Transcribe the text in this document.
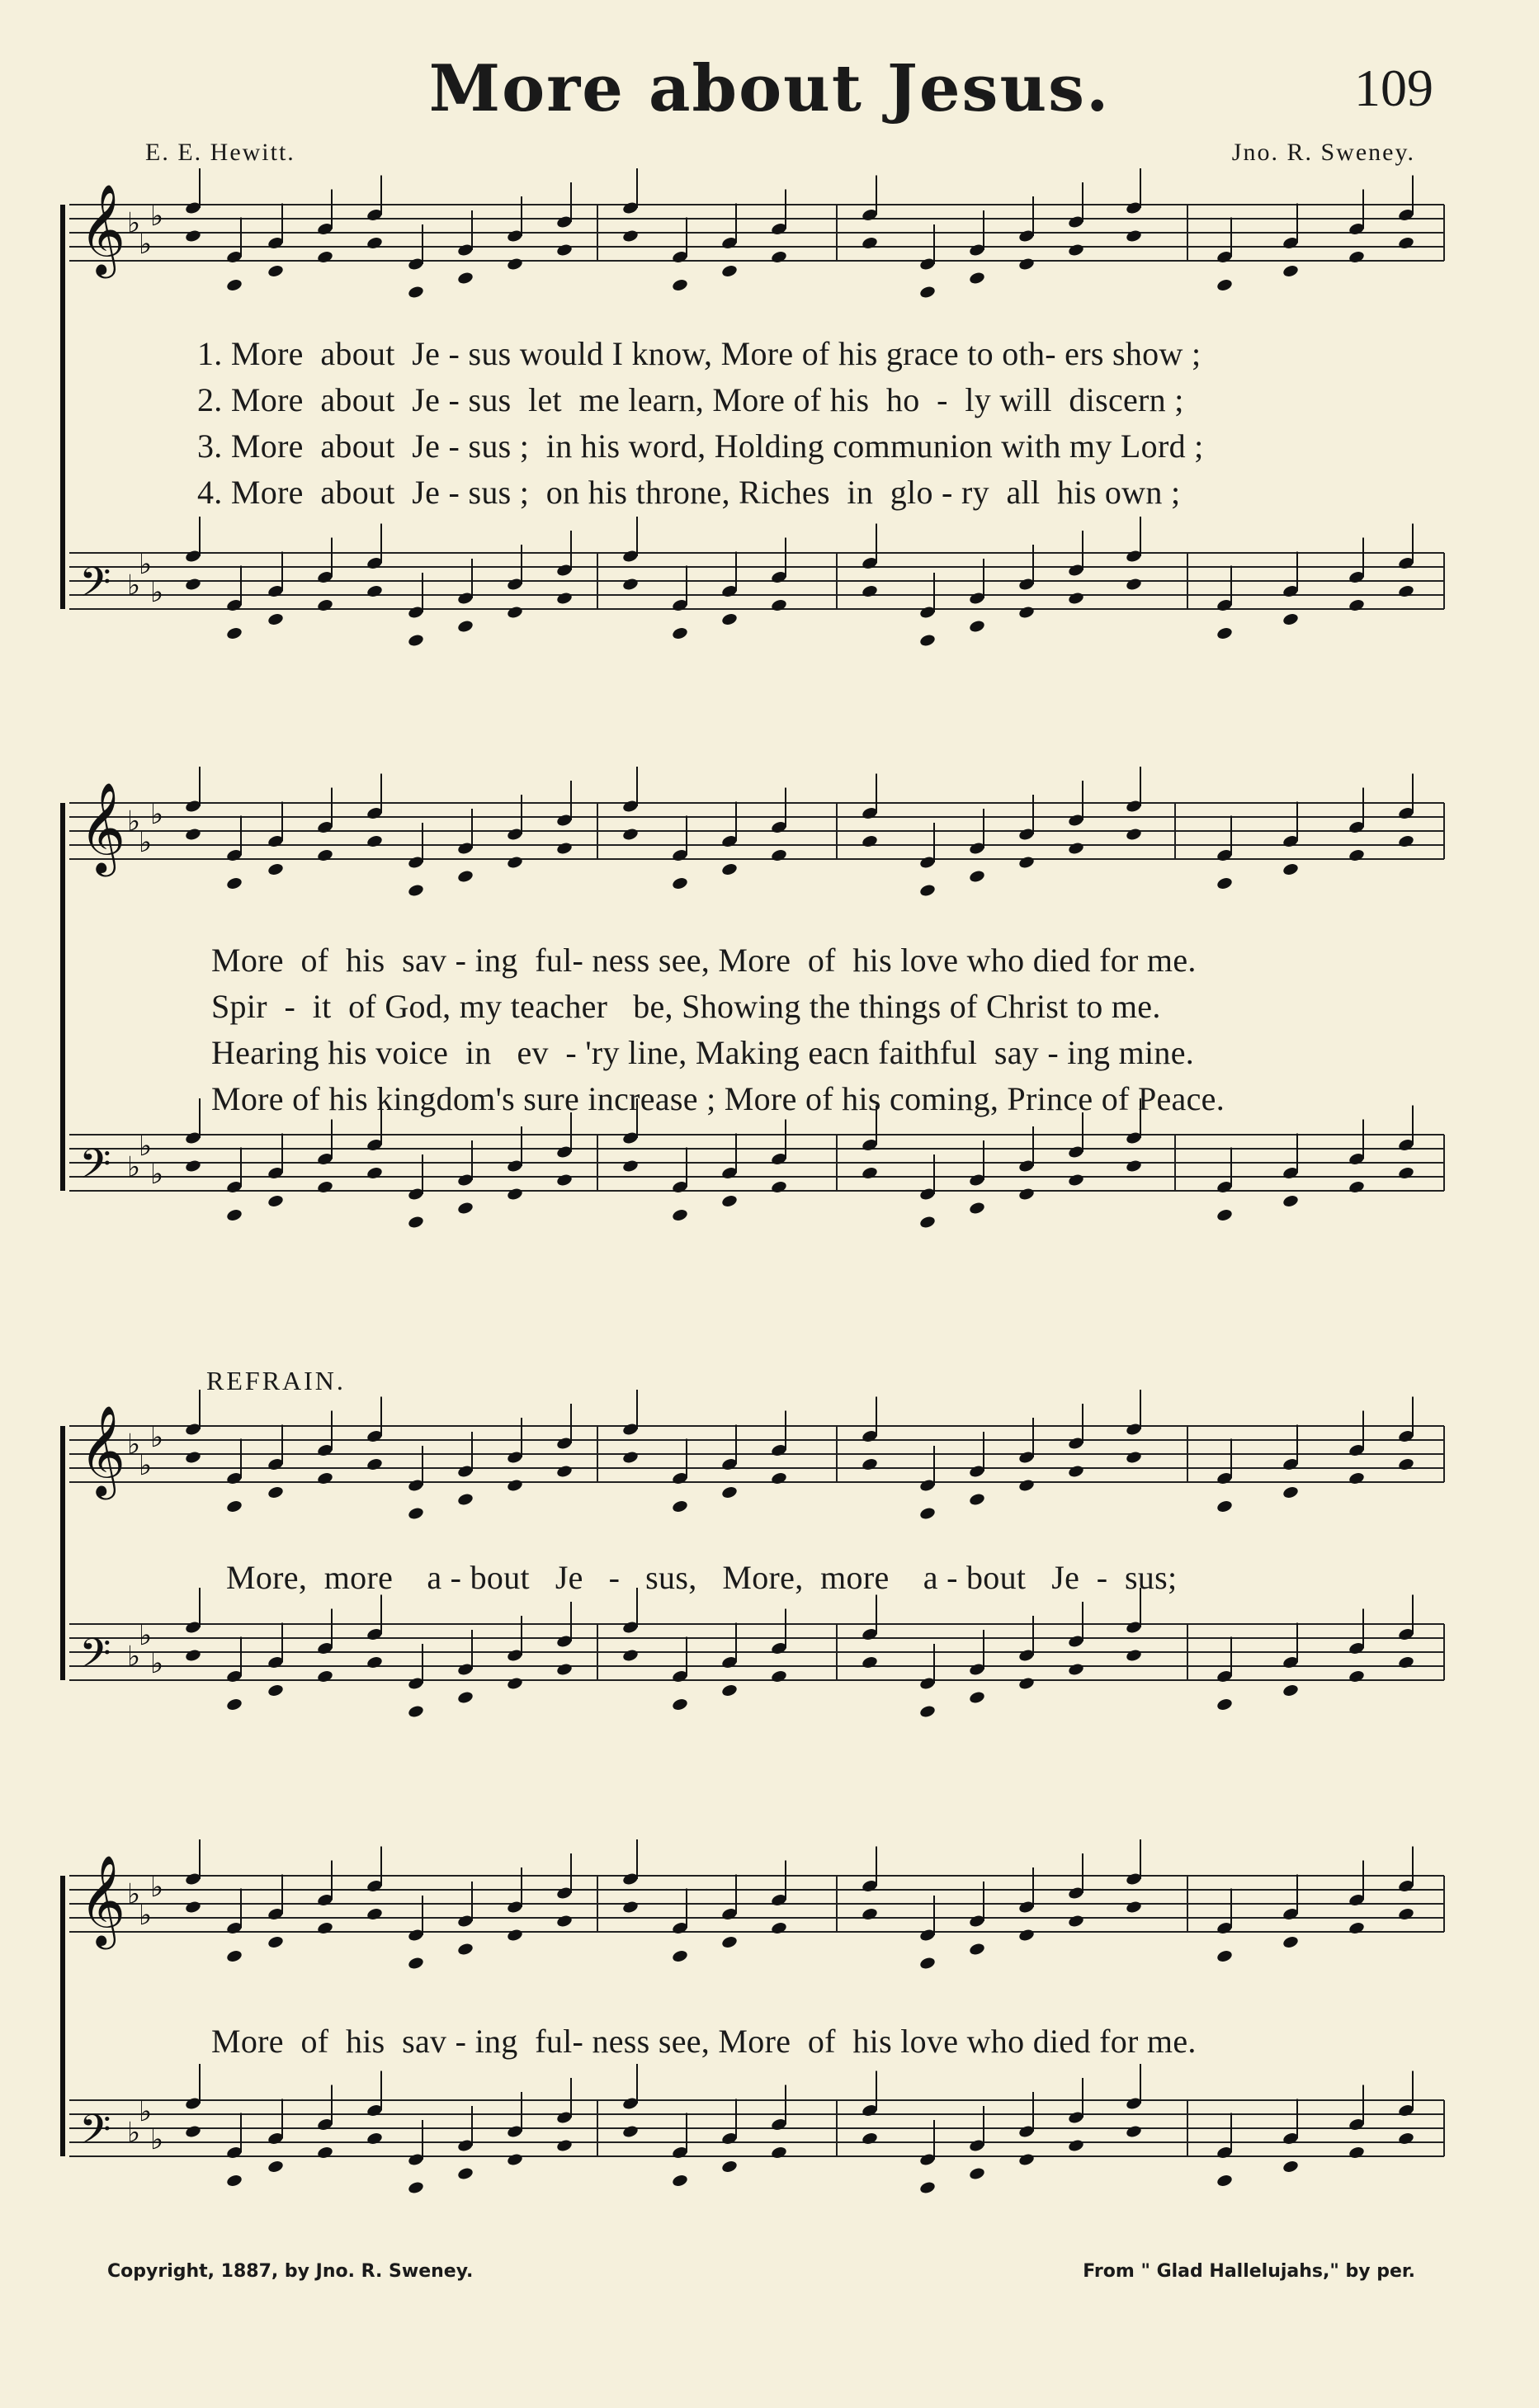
More about Jesus.	109
E. E. Hewitt.	Jno. R. Sweney.
𝄞 ♭
♭
♭
𝄢 ♭
♭
♭
1. More  about  Je - sus would I know, More of his grace to oth- ers show ;
2. More  about  Je - sus  let  me learn, More of his  ho  -  ly will  discern ;
3. More  about  Je - sus ;  in his word, Holding communion with my Lord ;
4. More  about  Je - sus ;  on his throne, Riches  in  glo - ry  all  his own ;
𝄞 ♭
♭
♭
𝄢 ♭
♭
♭
More  of  his  sav - ing  ful- ness see, More  of  his love who died for me.
Spir  -  it  of God, my teacher   be, Showing the things of Christ to me.
Hearing his voice  in   ev  - 'ry line, Making eacn faithful  say - ing mine.
More of his kingdom's sure increase ; More of his coming, Prince of Peace.
REFRAIN.
𝄞 ♭
♭
♭
𝄢 ♭
♭
♭
More,  more    a - bout   Je   -   sus,   More,  more    a - bout   Je  -  sus;
𝄞 ♭
♭
♭
𝄢 ♭
♭
♭
More  of  his  sav - ing  ful- ness see, More  of  his love who died for me.
Copyright, 1887, by Jno. R. Sweney.	From " Glad Hallelujahs," by per.
